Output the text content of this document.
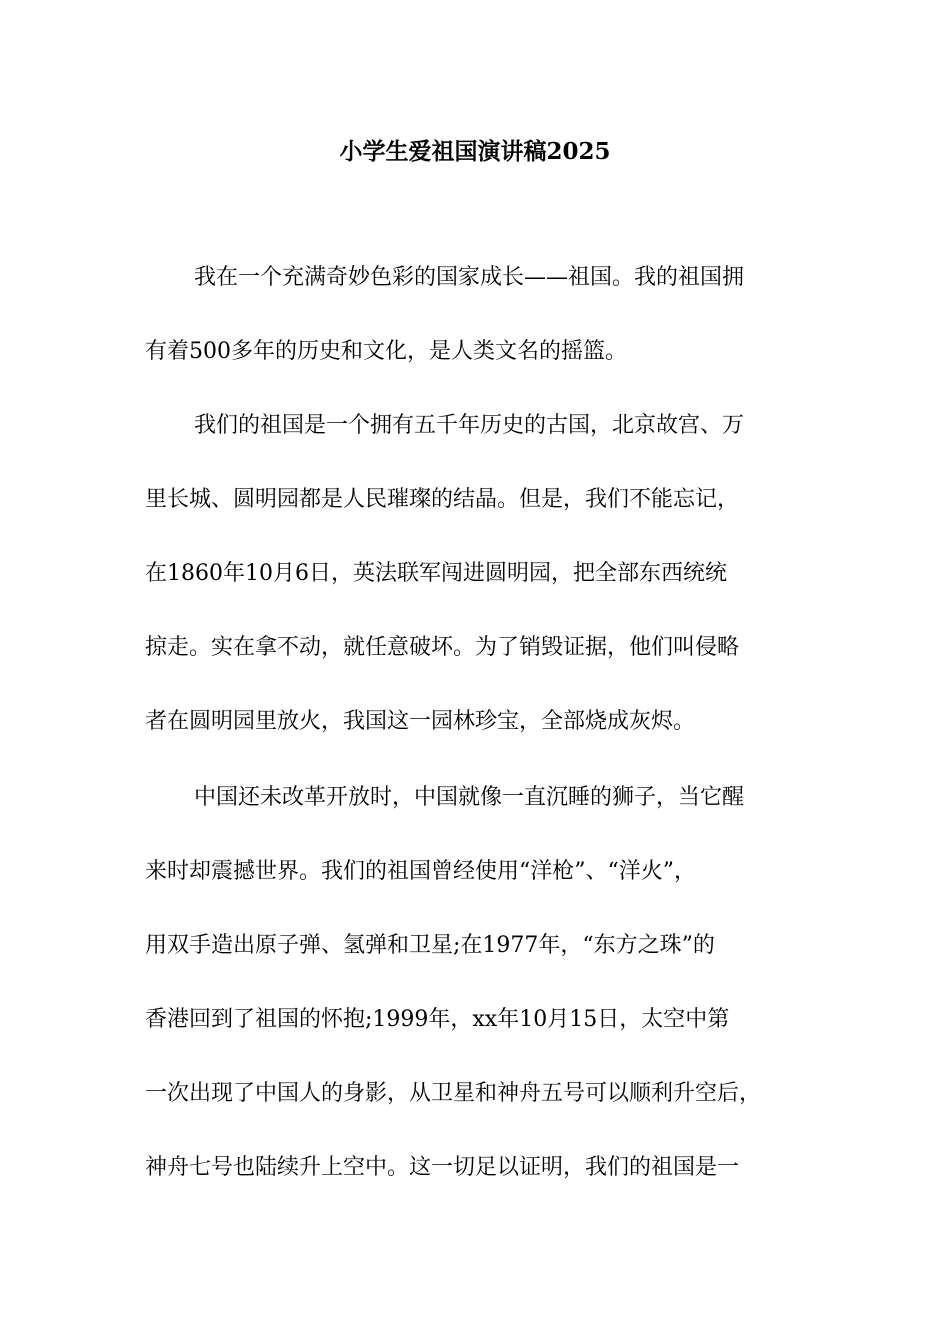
小学生爱祖国演讲稿2025
我在一个充满奇妙色彩的国家成长——祖国。我的祖国拥
有着500多年的历史和文化，是人类文名的摇篮。
我们的祖国是一个拥有五千年历史的古国，北京故宫、万
里长城、圆明园都是人民璀璨的结晶。但是，我们不能忘记，
在1860年10月6日，英法联军闯进圆明园，把全部东西统统
掠走。实在拿不动，就任意破坏。为了销毁证据，他们叫侵略
者在圆明园里放火，我国这一园林珍宝，全部烧成灰烬。
中国还未改革开放时，中国就像一直沉睡的狮子，当它醒
来时却震撼世界。我们的祖国曾经使用“洋枪”、“洋火”，
用双手造出原子弹、氢弹和卫星;在1977年，“东方之珠”的
香港回到了祖国的怀抱;1999年，xx年10月15日，太空中第
一次出现了中国人的身影，从卫星和神舟五号可以顺利升空后，
神舟七号也陆续升上空中。这一切足以证明，我们的祖国是一
